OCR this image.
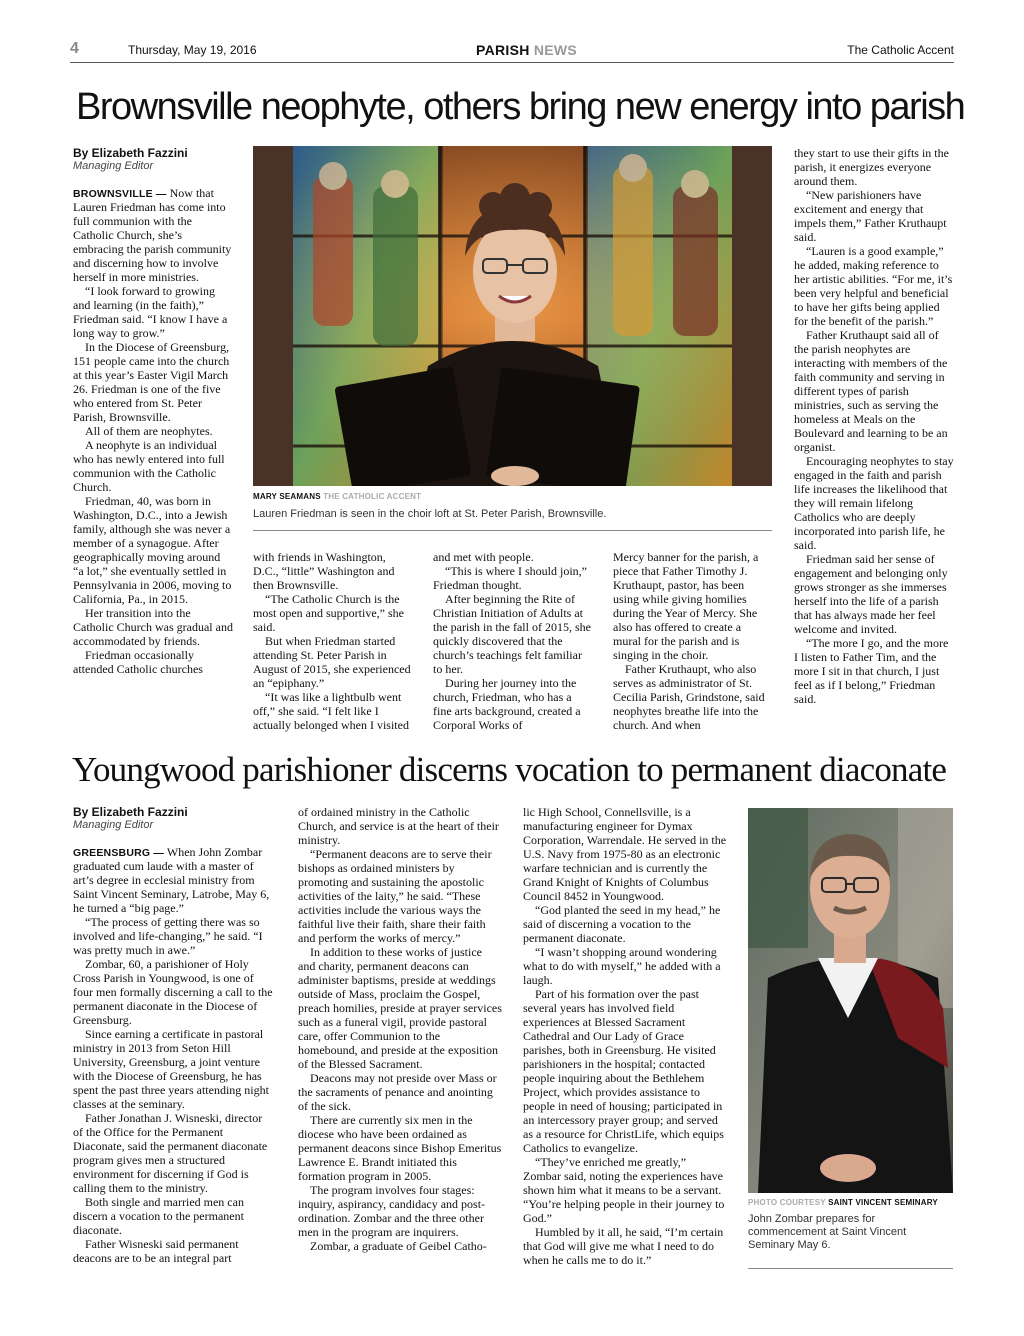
4	Thursday, May 19, 2016	PARISH NEWS	The Catholic Accent
Brownsville neophyte, others bring new energy into parish
By Elizabeth Fazzini
Managing Editor

BROWNSVILLE — Now that Lauren Friedman has come into full communion with the Catholic Church, she’s embracing the parish community and discerning how to involve herself in more ministries.

“I look forward to growing and learning (in the faith),” Friedman said. “I know I have a long way to grow.”

In the Diocese of Greensburg, 151 people came into the church at this year’s Easter Vigil March 26. Friedman is one of the five who entered from St. Peter Parish, Brownsville.

All of them are neophytes.

A neophyte is an individual who has newly entered into full communion with the Catholic Church.

Friedman, 40, was born in Washington, D.C., into a Jewish family, although she was never a member of a synagogue. After geographically moving around “a lot,” she eventually settled in Pennsylvania in 2006, moving to California, Pa., in 2015.

Her transition into the Catholic Church was gradual and accommodated by friends.

Friedman occasionally attended Catholic churches

MARY SEAMANS THE CATHOLIC ACCENT
Lauren Friedman is seen in the choir loft at St. Peter Parish, Brownsville.

with friends in Washington, D.C., “little” Washington and then Brownsville.

“The Catholic Church is the most open and supportive,” she said.

But when Friedman started attending St. Peter Parish in August of 2015, she experienced an “epiphany.”

“It was like a lightbulb went off,” she said. “I felt like I actually belonged when I visited

and met with people.

“This is where I should join,” Friedman thought.

After beginning the Rite of Christian Initiation of Adults at the parish in the fall of 2015, she quickly discovered that the church’s teachings felt familiar to her.

During her journey into the church, Friedman, who has a fine arts background, created a Corporal Works of

Mercy banner for the parish, a piece that Father Timothy J. Kruthaupt, pastor, has been using while giving homilies during the Year of Mercy. She also has offered to create a mural for the parish and is singing in the choir.

Father Kruthaupt, who also serves as administrator of St. Cecilia Parish, Grindstone, said neophytes breathe life into the church. And when

they start to use their gifts in the parish, it energizes everyone around them.

“New parishioners have excitement and energy that impels them,” Father Kruthaupt said.

“Lauren is a good example,” he added, making reference to her artistic abilities. “For me, it’s been very helpful and beneficial to have her gifts being applied for the benefit of the parish.”

Father Kruthaupt said all of the parish neophytes are interacting with members of the faith community and serving in different types of parish ministries, such as serving the homeless at Meals on the Boulevard and learning to be an organist.

Encouraging neophytes to stay engaged in the faith and parish life increases the likelihood that they will remain lifelong Catholics who are deeply incorporated into parish life, he said.

Friedman said her sense of engagement and belonging only grows stronger as she immerses herself into the life of a parish that has always made her feel welcome and invited.

“The more I go, and the more I listen to Father Tim, and the more I sit in that church, I just feel as if I belong,” Friedman said.

Youngwood parishioner discerns vocation to permanent diaconate
By Elizabeth Fazzini
Managing Editor

GREENSBURG — When John Zombar graduated cum laude with a master of art’s degree in ecclesial ministry from Saint Vincent Seminary, Latrobe, May 6, he turned a “big page.”

“The process of getting there was so involved and life-changing,” he said. “I was pretty much in awe.”

Zombar, 60, a parishioner of Holy Cross Parish in Youngwood, is one of four men formally discerning a call to the permanent diaconate in the Diocese of Greensburg.

Since earning a certificate in pastoral ministry in 2013 from Seton Hill University, Greensburg, a joint venture with the Diocese of Greensburg, he has spent the past three years attending night classes at the seminary.

Father Jonathan J. Wisneski, director of the Office for the Permanent Diaconate, said the permanent diaconate program gives men a structured environment for discerning if God is calling them to the ministry.

Both single and married men can discern a vocation to the permanent diaconate.

Father Wisneski said permanent deacons are to be an integral part

of ordained ministry in the Catholic Church, and service is at the heart of their ministry.

“Permanent deacons are to serve their bishops as ordained ministers by promoting and sustaining the apostolic activities of the laity,” he said. “These activities include the various ways the faithful live their faith, share their faith and perform the works of mercy.”

In addition to these works of justice and charity, permanent deacons can administer baptisms, preside at weddings outside of Mass, proclaim the Gospel, preach homilies, preside at prayer services such as a funeral vigil, provide pastoral care, offer Communion to the homebound, and preside at the exposition of the Blessed Sacrament.

Deacons may not preside over Mass or the sacraments of penance and anointing of the sick.

There are currently six men in the diocese who have been ordained as permanent deacons since Bishop Emeritus Lawrence E. Brandt initiated this formation program in 2005.

The program involves four stages: inquiry, aspirancy, candidacy and post-ordination. Zombar and the three other men in the program are inquirers.

Zombar, a graduate of Geibel Catho-

lic High School, Connellsville, is a manufacturing engineer for Dymax Corporation, Warrendale. He served in the U.S. Navy from 1975-80 as an electronic warfare technician and is currently the Grand Knight of Knights of Columbus Council 8452 in Youngwood.

“God planted the seed in my head,” he said of discerning a vocation to the permanent diaconate.

“I wasn’t shopping around wondering what to do with myself,” he added with a laugh.

Part of his formation over the past several years has involved field experiences at Blessed Sacrament Cathedral and Our Lady of Grace parishes, both in Greensburg. He visited parishioners in the hospital; contacted people inquiring about the Bethlehem Project, which provides assistance to people in need of housing; participated in an intercessory prayer group; and served as a resource for ChristLife, which equips Catholics to evangelize.

“They’ve enriched me greatly,” Zombar said, noting the experiences have shown him what it means to be a servant. “You’re helping people in their journey to God.”

Humbled by it all, he said, “I’m certain that God will give me what I need to do when he calls me to do it.”

PHOTO COURTESY SAINT VINCENT SEMINARY
John Zombar prepares for commencement at Saint Vincent Seminary May 6.
